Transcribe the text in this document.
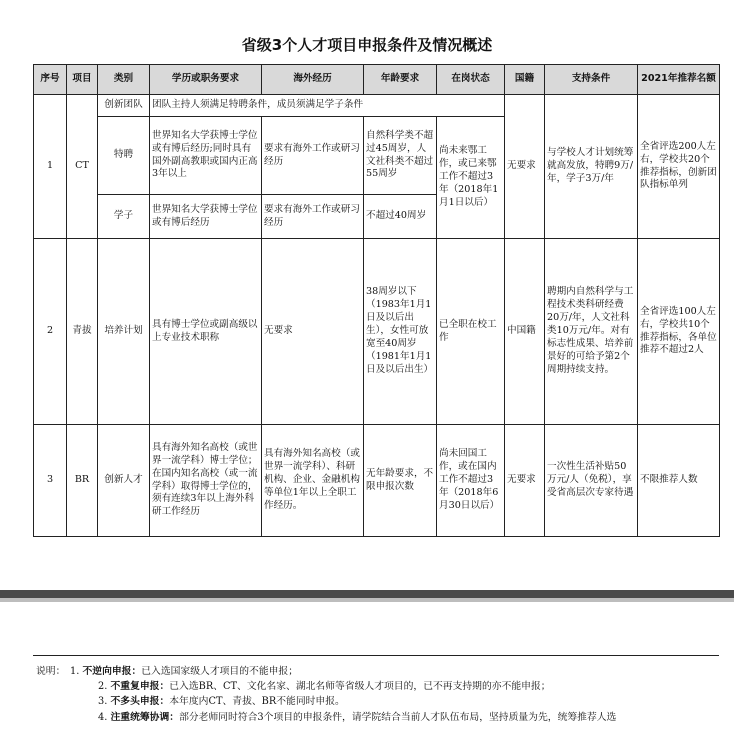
省级3个人才项目申报条件及情况概述
序号	项目	类别	学历或职务要求	海外经历	年龄要求	在岗状态	国籍	支持条件	2021年推荐名额
1	CT	创新团队	团队主持人须满足特聘条件，成员须满足学子条件				无要求	与学校人才计划统筹就高发放，特聘9万/年，学子3万/年	全省评选200人左右，学校共20个推荐指标，创新团队指标单列
		特聘	世界知名大学获博士学位或有博后经历;同时具有国外副高教职或国内正高3年以上	要求有海外工作或研习经历	自然科学类不超过45周岁，人文社科类不超过55周岁	尚未来鄂工作，或已来鄂工作不超过3年（2018年1月1日以后）			
		学子	世界知名大学获博士学位或有博后经历	要求有海外工作或研习经历	不超过40周岁				
2	青拔	培养计划	具有博士学位或副高级以上专业技术职称	无要求	38周岁以下（1983年1月1日及以后出生），女性可放宽至40周岁（1981年1月1日及以后出生）	已全职在校工作	中国籍	聘期内自然科学与工程技术类科研经费20万/年，人文社科类10万元/年。对有标志性成果、培养前景好的可给予第2个周期持续支持。	全省评选100人左右，学校共10个推荐指标，各单位推荐不超过2人
3	BR	创新人才	具有海外知名高校（或世界一流学科）博士学位；在国内知名高校（或一流学科）取得博士学位的，须有连续3年以上海外科研工作经历	具有海外知名高校（或世界一流学科）、科研机构、企业、金融机构等单位1年以上全职工作经历。	无年龄要求，不限申报次数	尚未回国工作，或在国内工作不超过3年（2018年6月30日以后）	无要求	一次性生活补贴50万元/人（免税），享受省高层次专家待遇	不限推荐人数
说明： 1. 不逆向申报：已入选国家级人才项目的不能申报；
2. 不重复申报：已入选BR、CT、文化名家、湖北名师等省级人才项目的，已不再支持期的亦不能申报；
3. 不多头申报：本年度内CT、青拔、BR不能同时申报。
4. 注重统筹协调：部分老师同时符合3个项目的申报条件，请学院结合当前人才队伍布局，坚持质量为先，统筹推荐人选
